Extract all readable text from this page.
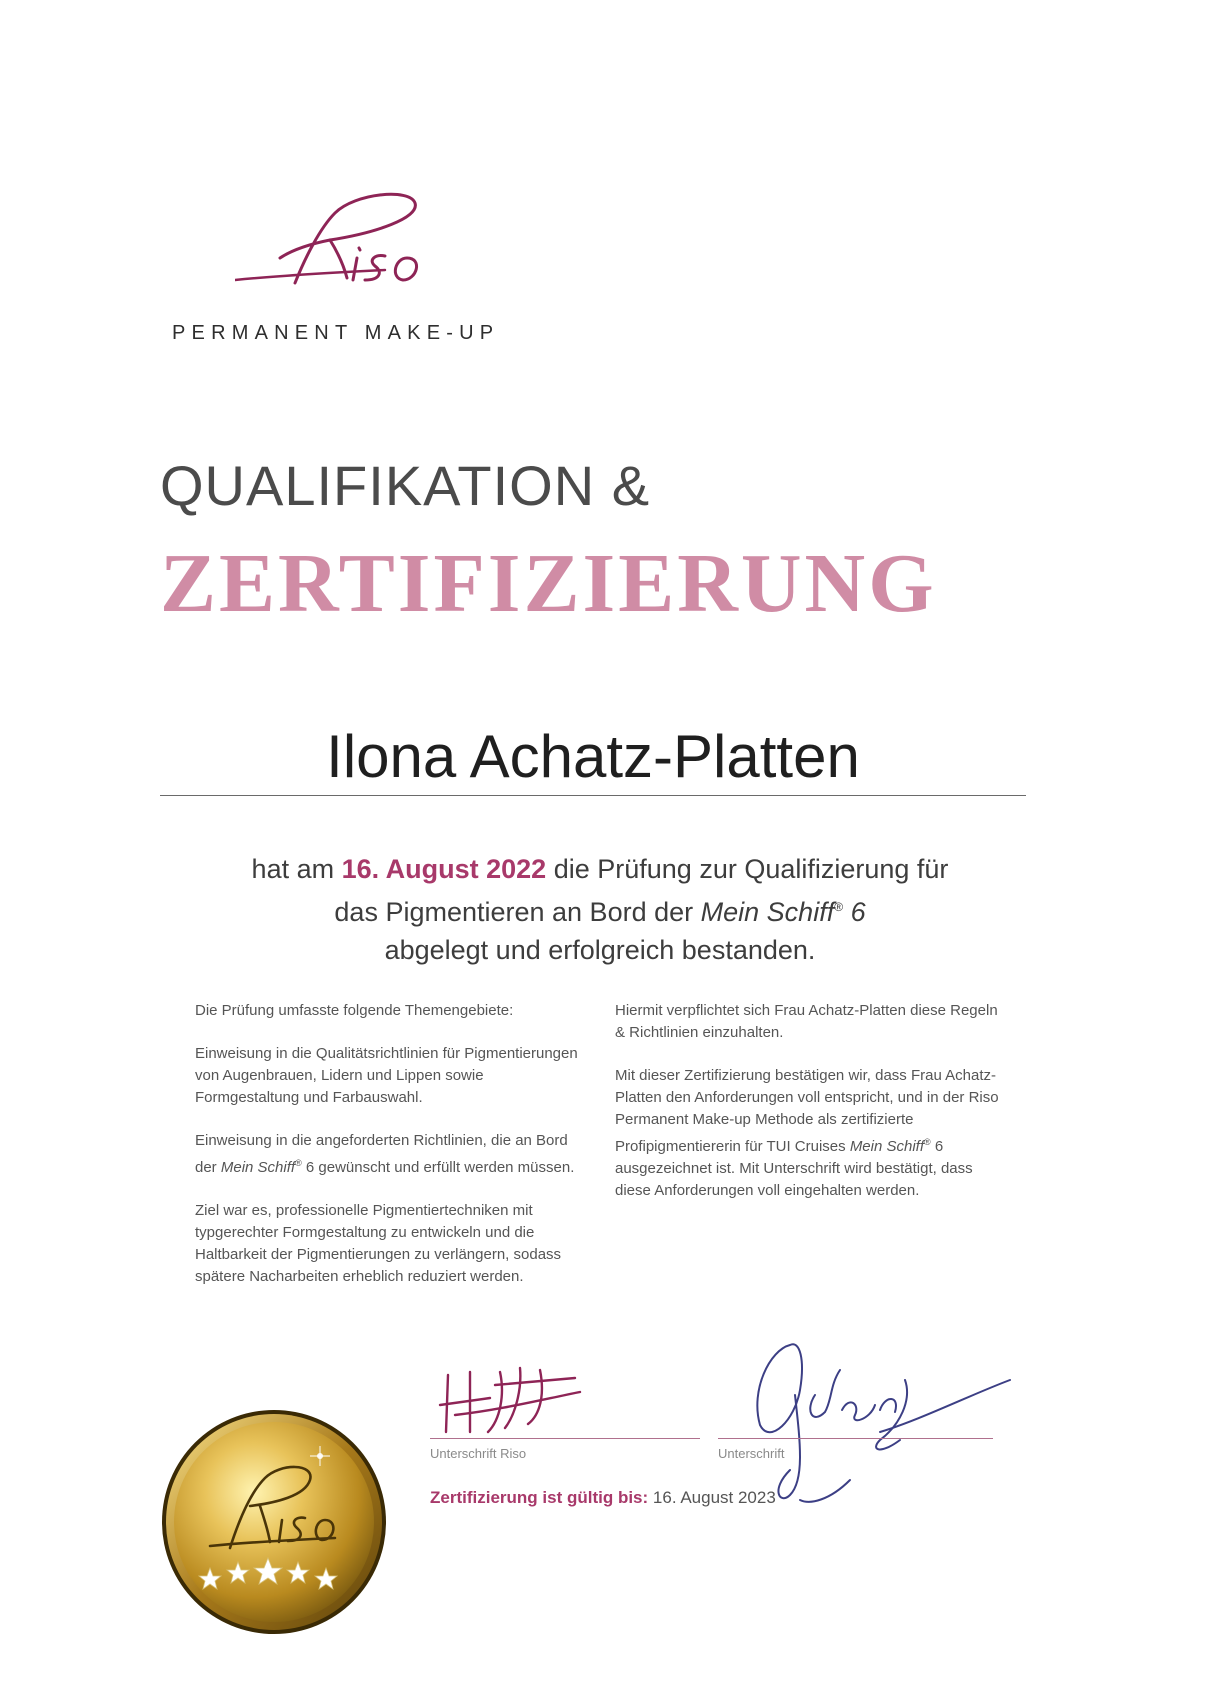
PERMANENT MAKE-UP
QUALIFIKATION &
ZERTIFIZIERUNG
Ilona Achatz-Platten
hat am 16. August 2022 die Prüfung zur Qualifizierung für
das Pigmentieren an Bord der Mein Schiff® 6
abgelegt und erfolgreich bestanden.

Die Prüfung umfasste folgende Themengebiete:

Einweisung in die Qualitätsrichtlinien für Pigmentierungen von Augenbrauen, Lidern und Lippen sowie Formgestaltung und Farbauswahl.

Einweisung in die angeforderten Richtlinien, die an Bord der Mein Schiff® 6 gewünscht und erfüllt werden müssen.

Ziel war es, professionelle Pigmentiertechniken mit typgerechter Formgestaltung zu entwickeln und die Haltbarkeit der Pigmentierungen zu verlängern, sodass spätere Nacharbeiten erheblich reduziert werden.

Hiermit verpflichtet sich Frau Achatz-Platten diese Regeln & Richtlinien einzuhalten.

Mit dieser Zertifizierung bestätigen wir, dass Frau Achatz-Platten den Anforderungen voll entspricht, und in der Riso Permanent Make-up Methode als zertifizierte Profipigmentiererin für TUI Cruises Mein Schiff® 6 ausgezeichnet ist. Mit Unterschrift wird bestätigt, dass diese Anforderungen voll eingehalten werden.

Unterschrift Riso	Unterschrift
Zertifizierung ist gültig bis: 16. August 2023
